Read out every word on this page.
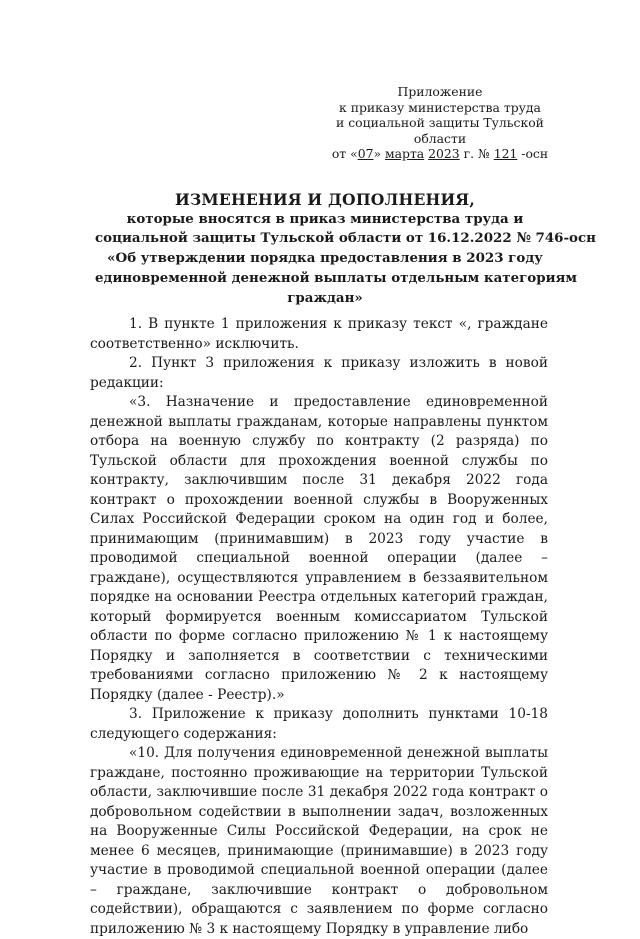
Приложение
к приказу министерства труда
и социальной защиты Тульской
области
от «07» марта 2023 г. № 121 -осн
ИЗМЕНЕНИЯ И ДОПОЛНЕНИЯ,
которые вносятся в приказ министерства труда и
социальной защиты Тульской области от 16.12.2022 № 746-осн
«Об утверждении порядка предоставления в 2023 году
единовременной денежной выплаты отдельным категориям
граждан»

1. В пункте 1 приложения к приказу текст «, граждане соответственно» исключить.

2. Пункт 3 приложения к приказу изложить в новой редакции:

«3. Назначение и предоставление единовременной денежной выплаты гражданам, которые направлены пунктом отбора на военную службу по контракту (2 разряда) по Тульской области для прохождения военной службы по контракту, заключившим после 31 декабря 2022 года контракт о прохождении военной службы в Вооруженных Силах Российской Федерации сроком на один год и более, принимающим (принимавшим) в 2023 году участие в проводимой специальной военной операции (далее – граждане), осуществляются управлением в беззаявительном порядке на основании Реестра отдельных категорий граждан, который формируется военным комиссариатом Тульской области по форме согласно приложению № 1 к настоящему Порядку и заполняется в соответствии с техническими требованиями согласно приложению № 2 к настоящему Порядку (далее - Реестр).»

3. Приложение к приказу дополнить пунктами 10-18 следующего содержания:

«10. Для получения единовременной денежной выплаты граждане, постоянно проживающие на территории Тульской области, заключившие после 31 декабря 2022 года контракт о добровольном содействии в выполнении задач, возложенных на Вооруженные Силы Российской Федерации, на срок не менее 6 месяцев, принимающие (принимавшие) в 2023 году участие в проводимой специальной военной операции (далее – граждане, заключившие контракт о добровольном содействии), обращаются с заявлением по форме согласно приложению № 3 к настоящему Порядку в управление либо
